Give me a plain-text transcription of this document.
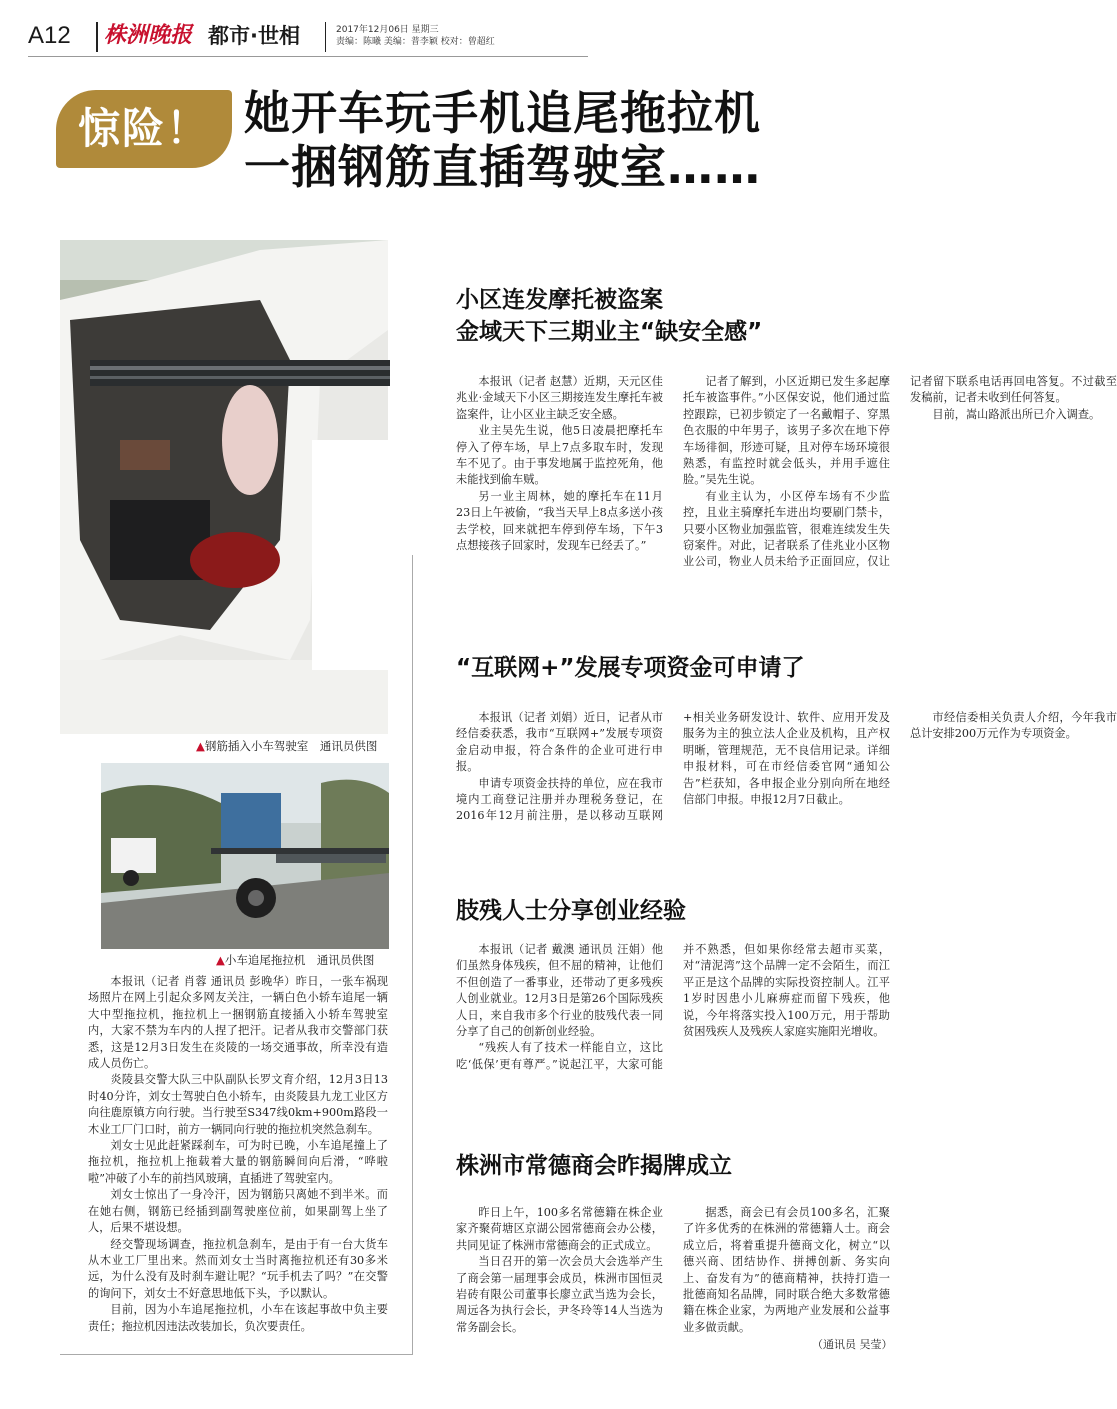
A12 株洲晚报 都市·世相	2017年12月06日 星期三
责编：陈曦 美编：普李颖 校对：曾超红
惊险！ 她开车玩手机追尾拖拉机
一捆钢筋直插驾驶室……
▲钢筋插入小车驾驶室　通讯员供图
▲小车追尾拖拉机　通讯员供图

本报讯（记者 肖蓉 通讯员 彭晚华）昨日，一张车祸现场照片在网上引起众多网友关注，一辆白色小轿车追尾一辆大中型拖拉机，拖拉机上一捆钢筋直接插入小轿车驾驶室内，大家不禁为车内的人捏了把汗。记者从我市交警部门获悉，这是12月3日发生在炎陵的一场交通事故，所幸没有造成人员伤亡。

炎陵县交警大队三中队副队长罗文育介绍，12月3日13时40分许，刘女士驾驶白色小轿车，由炎陵县九龙工业区方向往鹿原镇方向行驶。当行驶至S347线0km+900m路段一木业工厂门口时，前方一辆同向行驶的拖拉机突然急刹车。

刘女士见此赶紧踩刹车，可为时已晚，小车追尾撞上了拖拉机，拖拉机上拖载着大量的钢筋瞬间向后滑，“哗啦啦”冲破了小车的前挡风玻璃，直插进了驾驶室内。

刘女士惊出了一身冷汗，因为钢筋只离她不到半米。而在她右侧，钢筋已经插到副驾驶座位前，如果副驾上坐了人，后果不堪设想。

经交警现场调查，拖拉机急刹车，是由于有一台大货车从木业工厂里出来。然而刘女士当时离拖拉机还有30多米远，为什么没有及时刹车避让呢？“玩手机去了吗？”在交警的询问下，刘女士不好意思地低下头，予以默认。

目前，因为小车追尾拖拉机，小车在该起事故中负主要责任；拖拉机因违法改装加长，负次要责任。

小区连发摩托被盗案
金域天下三期业主“缺安全感”

本报讯（记者 赵慧）近期，天元区佳兆业·金域天下小区三期接连发生摩托车被盗案件，让小区业主缺乏安全感。

业主吴先生说，他5日凌晨把摩托车停入了停车场，早上7点多取车时，发现车不见了。由于事发地属于监控死角，他未能找到偷车贼。

另一业主周林，她的摩托车在11月23日上午被偷，“我当天早上8点多送小孩去学校，回来就把车停到停车场，下午3点想接孩子回家时，发现车已经丢了。”

记者了解到，小区近期已发生多起摩托车被盗事件。”小区保安说，他们通过监控跟踪，已初步锁定了一名戴帽子、穿黑色衣服的中年男子，该男子多次在地下停车场徘徊，形迹可疑，且对停车场环境很熟悉，有监控时就会低头，并用手遮住脸。”吴先生说。

有业主认为，小区停车场有不少监控，且业主骑摩托车进出均要刷门禁卡，只要小区物业加强监管，很难连续发生失窃案件。对此，记者联系了佳兆业小区物业公司，物业人员未给予正面回应，仅让记者留下联系电话再回电答复。不过截至发稿前，记者未收到任何答复。

目前，嵩山路派出所已介入调查。

“互联网+”发展专项资金可申请了

本报讯（记者 刘娟）近日，记者从市经信委获悉，我市“互联网+”发展专项资金启动申报，符合条件的企业可进行申报。

申请专项资金扶持的单位，应在我市境内工商登记注册并办理税务登记，在2016年12月前注册，是以移动互联网+相关业务研发设计、软件、应用开发及服务为主的独立法人企业及机构，且产权明晰，管理规范，无不良信用记录。详细申报材料，可在市经信委官网“通知公告”栏获知，各申报企业分别向所在地经信部门申报。申报12月7日截止。

市经信委相关负责人介绍，今年我市总计安排200万元作为专项资金。

肢残人士分享创业经验

本报讯（记者 戴澳 通讯员 汪娟）他们虽然身体残疾，但不屈的精神，让他们不但创造了一番事业，还带动了更多残疾人创业就业。12月3日是第26个国际残疾人日，来自我市多个行业的肢残代表一同分享了自己的创新创业经验。

“残疾人有了技术一样能自立，这比吃‘低保’更有尊严。”说起江平，大家可能并不熟悉，但如果你经常去超市买菜，对“清泥湾”这个品牌一定不会陌生，而江平正是这个品牌的实际投资控制人。江平1岁时因患小儿麻痹症而留下残疾，他说，今年将落实投入100万元，用于帮助贫困残疾人及残疾人家庭实施阳光增收。

株洲市常德商会昨揭牌成立

昨日上午，100多名常德籍在株企业家齐聚荷塘区京湖公园常德商会办公楼，共同见证了株洲市常德商会的正式成立。

当日召开的第一次会员大会选举产生了商会第一届理事会成员，株洲市国恒灵岩砖有限公司董事长廖立武当选为会长，周远各为执行会长，尹冬玲等14人当选为常务副会长。

据悉，商会已有会员100多名，汇聚了许多优秀的在株洲的常德籍人士。商会成立后，将着重提升德商文化，树立“以德兴商、团结协作、拼搏创新、务实向上、奋发有为”的德商精神，扶持打造一批德商知名品牌，同时联合绝大多数常德籍在株企业家，为两地产业发展和公益事业多做贡献。

（通讯员 吴莹）
